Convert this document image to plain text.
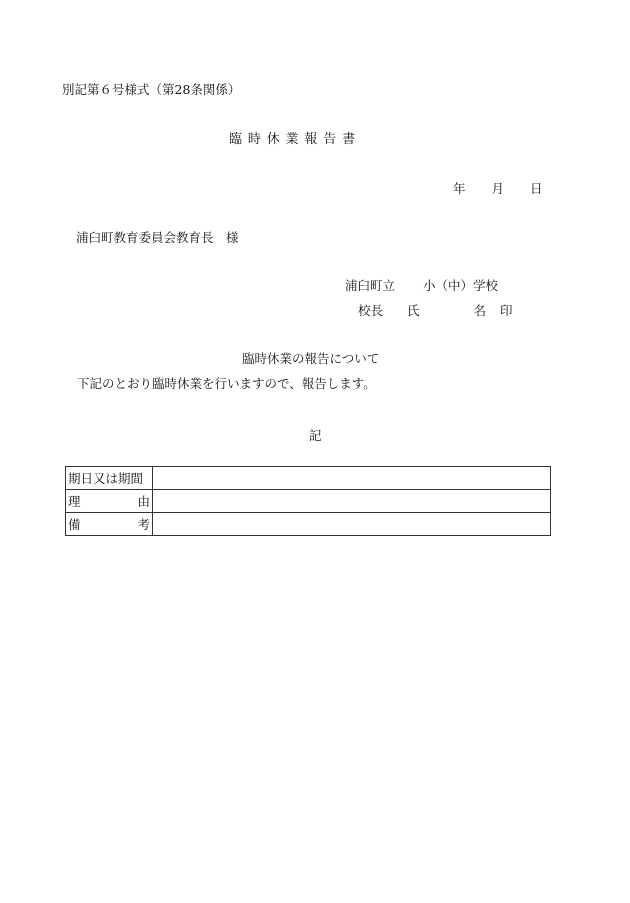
別記第６号様式（第28条関係）
臨時休業報告書
年 月 日
浦臼町教育委員会教育長　様
浦臼町立 小（中）学校
校長 氏	名 印
臨時休業の報告について
下記のとおり臨時休業を行いますので、報告します。
記
期日又は期間	

理 由	

備 考	
